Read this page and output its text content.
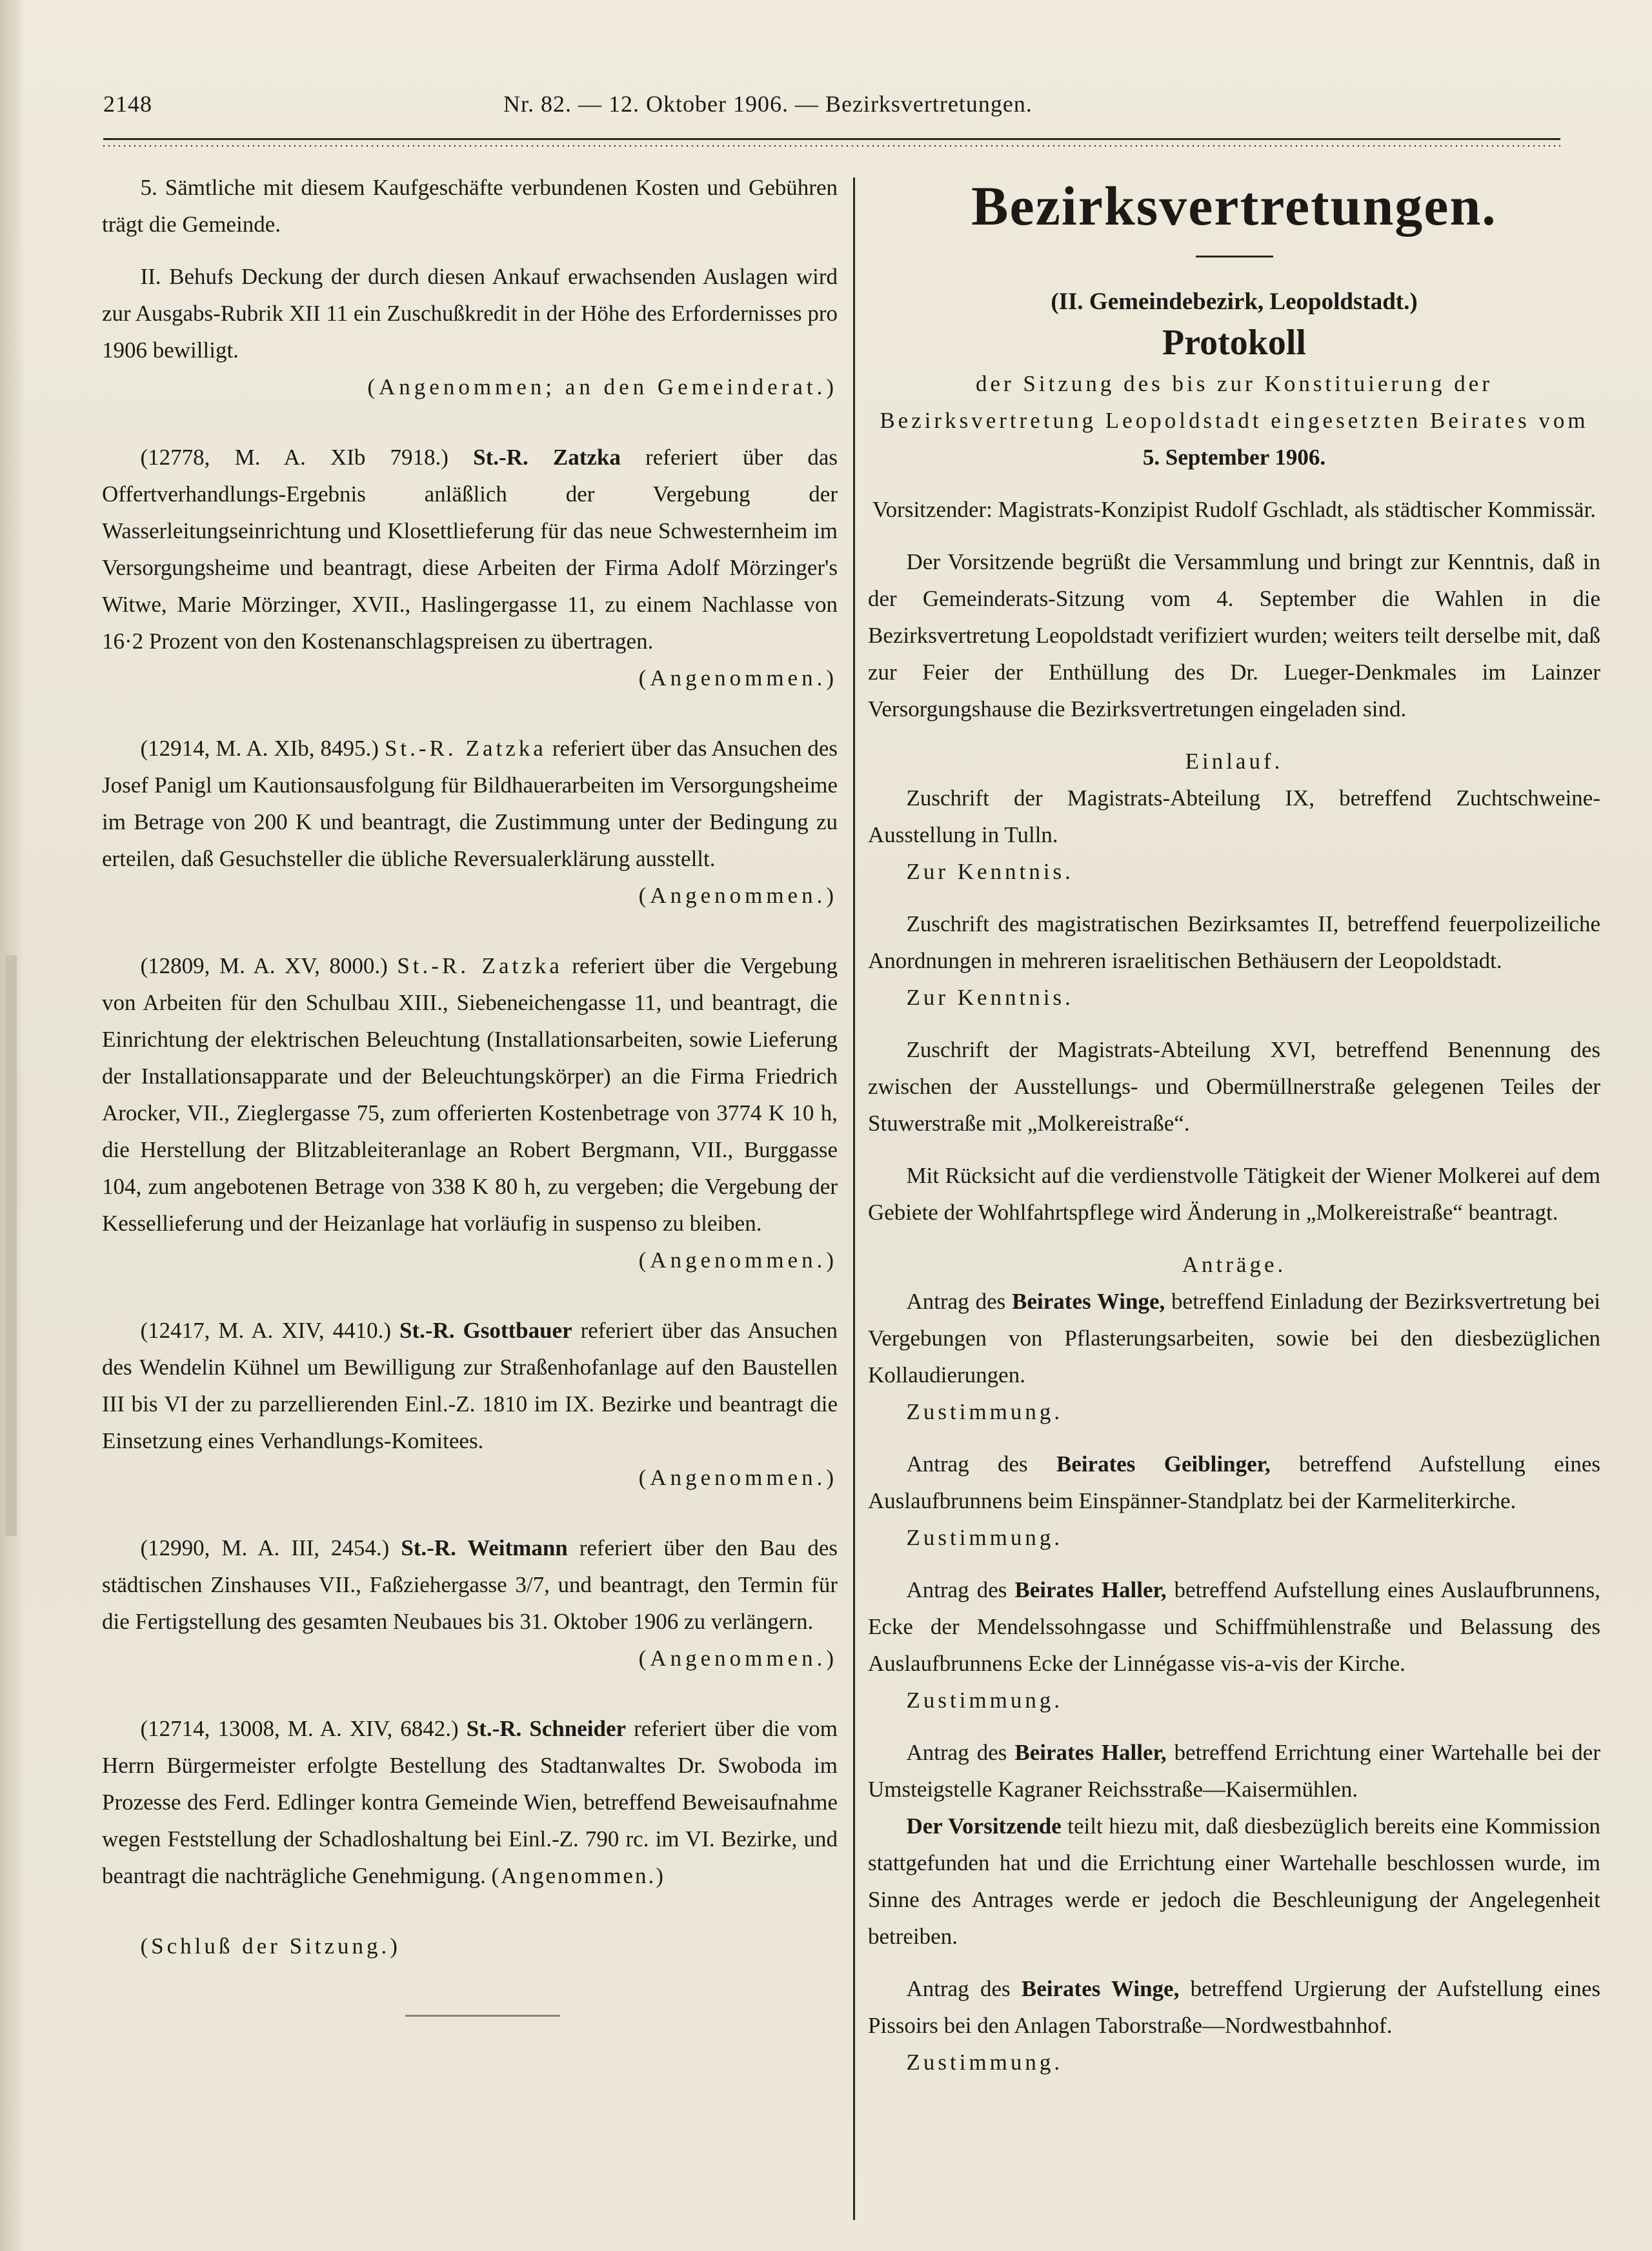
2148	Nr. 82. — 12. Oktober 1906. — Bezirksvertretungen.

5. Sämtliche mit diesem Kaufgeschäfte verbundenen Kosten und Gebühren trägt die Gemeinde.

II. Behufs Deckung der durch diesen Ankauf erwachsenden Auslagen wird zur Ausgabs-Rubrik XII 11 ein Zuschußkredit in der Höhe des Erfordernisses pro 1906 bewilligt.

(Angenommen; an den Gemeinderat.)

(12778, M. A. XIb 7918.) St.-R. Zatzka referiert über das Offertverhandlungs-Ergebnis anläßlich der Vergebung der Wasserleitungseinrichtung und Klosettlieferung für das neue Schwesternheim im Versorgungsheime und beantragt, diese Arbeiten der Firma Adolf Mörzinger's Witwe, Marie Mörzinger, XVII., Haslingergasse 11, zu einem Nachlasse von 16·2 Prozent von den Kostenanschlagspreisen zu übertragen.

(Angenommen.)

(12914, M. A. XIb, 8495.) St.-R. Zatzka referiert über das Ansuchen des Josef Panigl um Kautionsausfolgung für Bildhauerarbeiten im Versorgungsheime im Betrage von 200 K und beantragt, die Zustimmung unter der Bedingung zu erteilen, daß Gesuchsteller die übliche Reversualerklärung ausstellt.

(Angenommen.)

(12809, M. A. XV, 8000.) St.-R. Zatzka referiert über die Vergebung von Arbeiten für den Schulbau XIII., Siebeneichengasse 11, und beantragt, die Einrichtung der elektrischen Beleuchtung (Installationsarbeiten, sowie Lieferung der Installationsapparate und der Beleuchtungskörper) an die Firma Friedrich Arocker, VII., Zieglergasse 75, zum offerierten Kostenbetrage von 3774 K 10 h, die Herstellung der Blitzableiteranlage an Robert Bergmann, VII., Burggasse 104, zum angebotenen Betrage von 338 K 80 h, zu vergeben; die Vergebung der Kessellieferung und der Heizanlage hat vorläufig in suspenso zu bleiben.

(Angenommen.)

(12417, M. A. XIV, 4410.) St.-R. Gsottbauer referiert über das Ansuchen des Wendelin Kühnel um Bewilligung zur Straßenhofanlage auf den Baustellen III bis VI der zu parzellierenden Einl.-Z. 1810 im IX. Bezirke und beantragt die Einsetzung eines Verhandlungs-Komitees.

(Angenommen.)

(12990, M. A. III, 2454.) St.-R. Weitmann referiert über den Bau des städtischen Zinshauses VII., Faßziehergasse 3/7, und beantragt, den Termin für die Fertigstellung des gesamten Neubaues bis 31. Oktober 1906 zu verlängern.

(Angenommen.)

(12714, 13008, M. A. XIV, 6842.) St.-R. Schneider referiert über die vom Herrn Bürgermeister erfolgte Bestellung des Stadtanwaltes Dr. Swoboda im Prozesse des Ferd. Edlinger kontra Gemeinde Wien, betreffend Beweisaufnahme wegen Feststellung der Schadloshaltung bei Einl.-Z. 790 rc. im VI. Bezirke, und beantragt die nachträgliche Genehmigung. (Angenommen.)

(Schluß der Sitzung.)

Bezirksvertretungen.

(II. Gemeindebezirk, Leopoldstadt.)

Protokoll

der Sitzung des bis zur Konstituierung der Bezirksvertretung Leopoldstadt eingesetzten Beirates vom

5. September 1906.

Vorsitzender: Magistrats-Konzipist Rudolf Gschladt, als städtischer Kommissär.

Der Vorsitzende begrüßt die Versammlung und bringt zur Kenntnis, daß in der Gemeinderats-Sitzung vom 4. September die Wahlen in die Bezirksvertretung Leopoldstadt verifiziert wurden; weiters teilt derselbe mit, daß zur Feier der Enthüllung des Dr. Lueger-Denkmales im Lainzer Versorgungshause die Bezirksvertretungen eingeladen sind.

Einlauf.

Zuschrift der Magistrats-Abteilung IX, betreffend Zuchtschweine-Ausstellung in Tulln.

Zur Kenntnis.

Zuschrift des magistratischen Bezirksamtes II, betreffend feuerpolizeiliche Anordnungen in mehreren israelitischen Bethäusern der Leopoldstadt.

Zur Kenntnis.

Zuschrift der Magistrats-Abteilung XVI, betreffend Benennung des zwischen der Ausstellungs- und Obermüllnerstraße gelegenen Teiles der Stuwerstraße mit „Molkereistraße“.

Mit Rücksicht auf die verdienstvolle Tätigkeit der Wiener Molkerei auf dem Gebiete der Wohlfahrtspflege wird Änderung in „Molkereistraße“ beantragt.

Anträge.

Antrag des Beirates Winge, betreffend Einladung der Bezirksvertretung bei Vergebungen von Pflasterungsarbeiten, sowie bei den diesbezüglichen Kollaudierungen.

Zustimmung.

Antrag des Beirates Geiblinger, betreffend Aufstellung eines Auslaufbrunnens beim Einspänner-Standplatz bei der Karmeliterkirche.

Zustimmung.

Antrag des Beirates Haller, betreffend Aufstellung eines Auslaufbrunnens, Ecke der Mendelssohngasse und Schiffmühlenstraße und Belassung des Auslaufbrunnens Ecke der Linnégasse vis-a-vis der Kirche.

Zustimmung.

Antrag des Beirates Haller, betreffend Errichtung einer Wartehalle bei der Umsteigstelle Kagraner Reichsstraße—Kaisermühlen.

Der Vorsitzende teilt hiezu mit, daß diesbezüglich bereits eine Kommission stattgefunden hat und die Errichtung einer Wartehalle beschlossen wurde, im Sinne des Antrages werde er jedoch die Beschleunigung der Angelegenheit betreiben.

Antrag des Beirates Winge, betreffend Urgierung der Aufstellung eines Pissoirs bei den Anlagen Taborstraße—Nordwestbahnhof.

Zustimmung.
